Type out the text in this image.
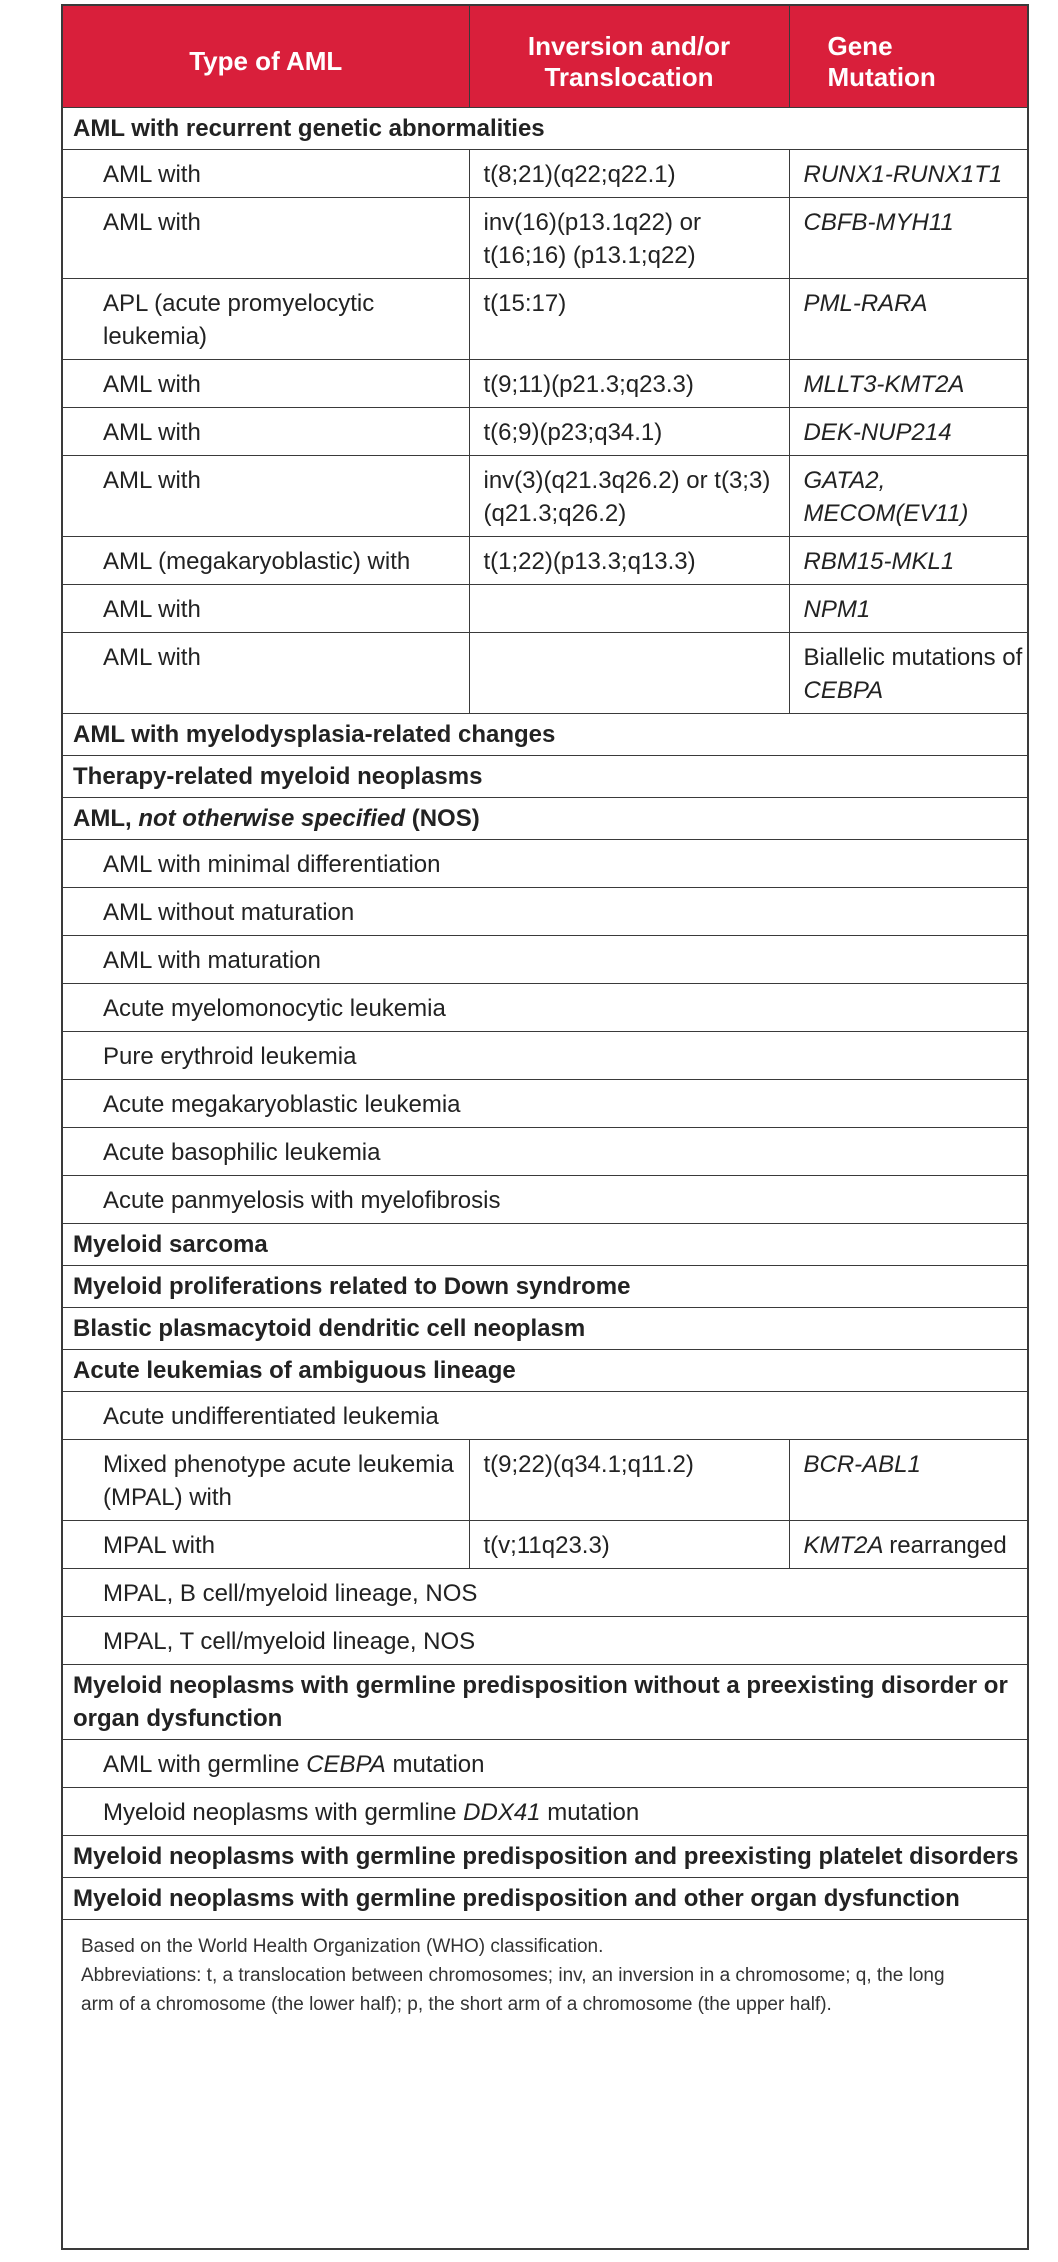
Type of AML	Inversion and/or Translocation	Gene Mutation
AML with recurrent genetic abnormalities		
AML with	t(8;21)(q22;q22.1)	RUNX1-RUNX1T1
AML with	inv(16)(p13.1q22) or t(16;16) (p13.1;q22)	CBFB-MYH11
APL (acute promyelocytic leukemia)	t(15:17)	PML-RARA
AML with	t(9;11)(p21.3;q23.3)	MLLT3-KMT2A
AML with	t(6;9)(p23;q34.1)	DEK-NUP214
AML with	inv(3)(q21.3q26.2) or t(3;3) (q21.3;q26.2)	GATA2, MECOM(EV11)
AML (megakaryoblastic) with	t(1;22)(p13.3;q13.3)	RBM15-MKL1
AML with		NPM1
AML with		Biallelic mutations of CEBPA
AML with myelodysplasia-related changes		
Therapy-related myeloid neoplasms		
AML, not otherwise specified (NOS)		
AML with minimal differentiation		
AML without maturation		
AML with maturation		
Acute myelomonocytic leukemia		
Pure erythroid leukemia		
Acute megakaryoblastic leukemia		
Acute basophilic leukemia		
Acute panmyelosis with myelofibrosis		
Myeloid sarcoma		
Myeloid proliferations related to Down syndrome		
Blastic plasmacytoid dendritic cell neoplasm		
Acute leukemias of ambiguous lineage		
Acute undifferentiated leukemia		
Mixed phenotype acute leukemia (MPAL) with	t(9;22)(q34.1;q11.2)	BCR-ABL1
MPAL with	t(v;11q23.3)	KMT2A rearranged
MPAL, B cell/myeloid lineage, NOS		
MPAL, T cell/myeloid lineage, NOS		
Myeloid neoplasms with germline predisposition without a preexisting disorder or organ dysfunction		
AML with germline CEBPA mutation		
Myeloid neoplasms with germline DDX41 mutation		
Myeloid neoplasms with germline predisposition and preexisting platelet disorders		
Myeloid neoplasms with germline predisposition and other organ dysfunction		

Based on the World Health Organization (WHO) classification.
Abbreviations: t, a translocation between chromosomes; inv, an inversion in a chromosome; q, the long arm of a chromosome (the lower half); p, the short arm of a chromosome (the upper half).		
